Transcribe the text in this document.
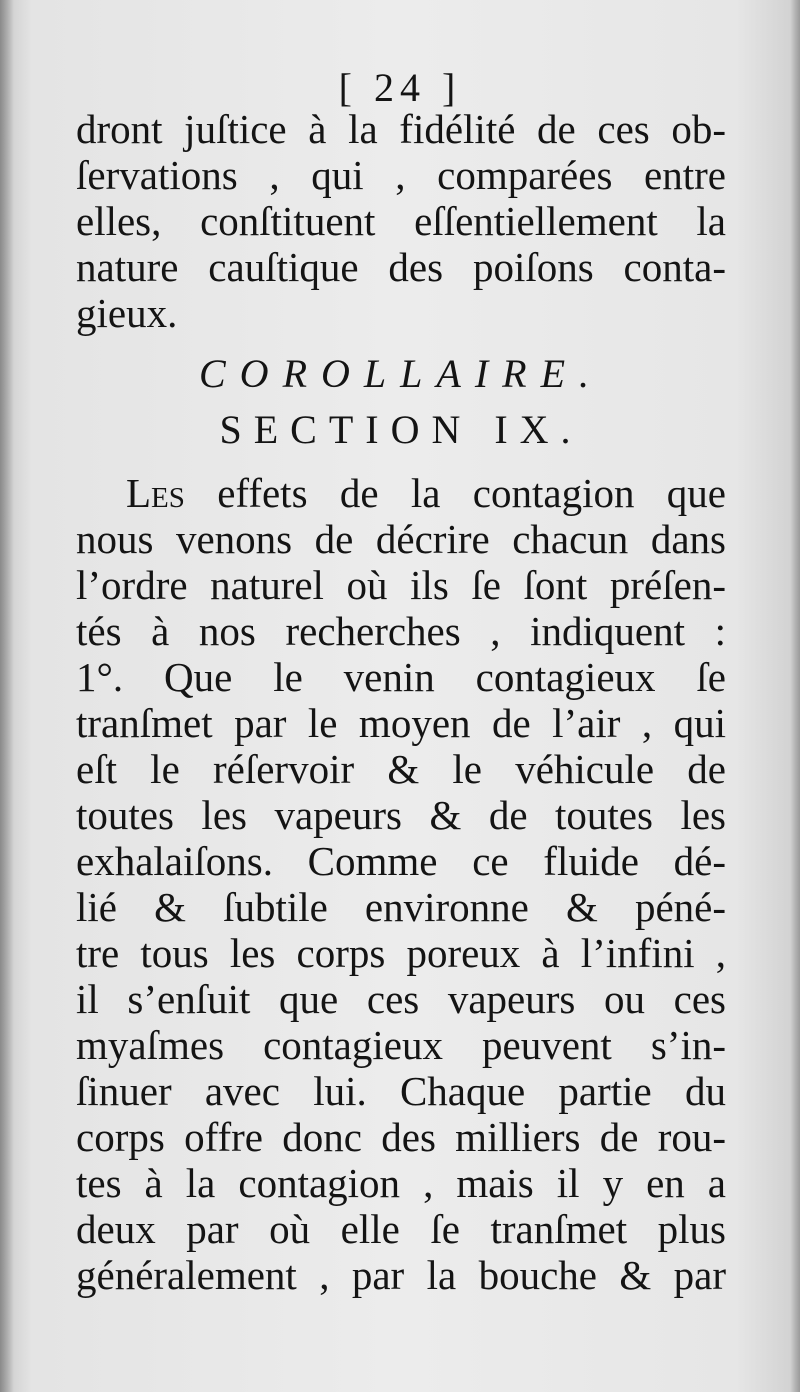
[ 24 ]
dront juſtice à la fidélité de ces ob-
ſervations , qui , comparées entre
elles, conſtituent eſſentiellement la
nature cauſtique des poiſons conta-
gieux.
COROLLAIRE.
SECTION IX.
Les effets de la contagion que
nous venons de décrire chacun dans
l’ordre naturel où ils ſe ſont préſen-
tés à nos recherches , indiquent :
1°. Que le venin contagieux ſe
tranſmet par le moyen de l’air , qui
eſt le réſervoir & le véhicule de
toutes les vapeurs & de toutes les
exhalaiſons. Comme ce fluide dé-
lié & ſubtile environne & péné-
tre tous les corps poreux à l’infini ,
il s’enſuit que ces vapeurs ou ces
myaſmes contagieux peuvent s’in-
ſinuer avec lui. Chaque partie du
corps offre donc des milliers de rou-
tes à la contagion , mais il y en a
deux par où elle ſe tranſmet plus
généralement , par la bouche & par
